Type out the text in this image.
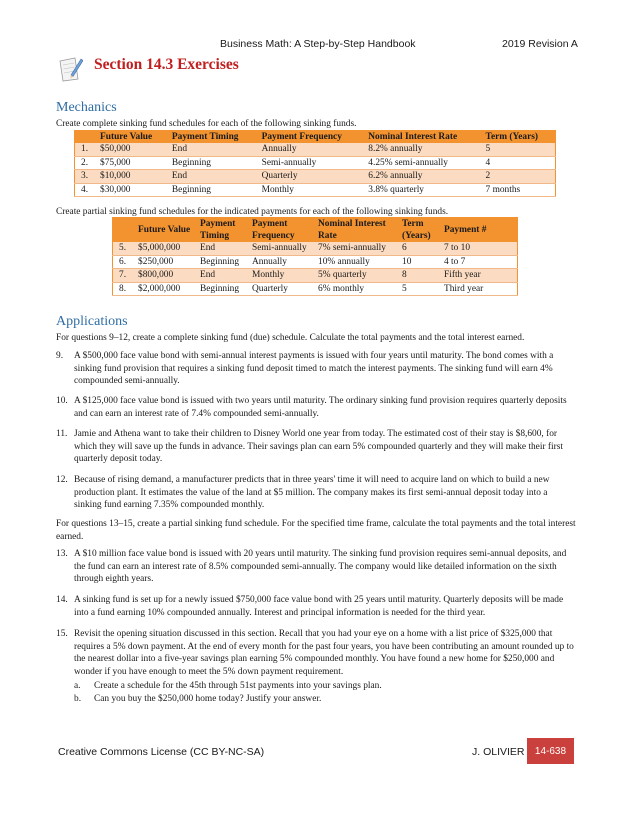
Business Math: A Step-by-Step Handbook	2019 Revision A
Section 14.3 Exercises
Mechanics
Create complete sinking fund schedules for each of the following sinking funds.
	Future Value	Payment Timing	Payment Frequency	Nominal Interest Rate	Term (Years)
1.	$50,000	End	Annually	8.2% annually	5
2.	$75,000	Beginning	Semi-annually	4.25% semi-annually	4
3.	$10,000	End	Quarterly	6.2% annually	2
4.	$30,000	Beginning	Monthly	3.8% quarterly	7 months
Create partial sinking fund schedules for the indicated payments for each of the following sinking funds.
	Future Value	Payment Timing	Payment Frequency	Nominal Interest Rate	Term (Years)	Payment #
5.	$5,000,000	End	Semi-annually	7% semi-annually	6	7 to 10
6.	$250,000	Beginning	Annually	10% annually	10	4 to 7
7.	$800,000	End	Monthly	5% quarterly	8	Fifth year
8.	$2,000,000	Beginning	Quarterly	6% monthly	5	Third year
Applications
For questions 9–12, create a complete sinking fund (due) schedule. Calculate the total payments and the total interest earned.
9. A $500,000 face value bond with semi-annual interest payments is issued with four years until maturity. The bond comes with a sinking fund provision that requires a sinking fund deposit timed to match the interest payments. The sinking fund will earn 4% compounded semi-annually.
10. A $125,000 face value bond is issued with two years until maturity. The ordinary sinking fund provision requires quarterly deposits and can earn an interest rate of 7.4% compounded semi-annually.
11. Jamie and Athena want to take their children to Disney World one year from today. The estimated cost of their stay is $8,600, for which they will save up the funds in advance. Their savings plan can earn 5% compounded quarterly and they will make their first quarterly deposit today.
12. Because of rising demand, a manufacturer predicts that in three years' time it will need to acquire land on which to build a new production plant. It estimates the value of the land at $5 million. The company makes its first semi-annual deposit today into a sinking fund earning 7.35% compounded monthly.
For questions 13–15, create a partial sinking fund schedule. For the specified time frame, calculate the total payments and the total interest earned.
13. A $10 million face value bond is issued with 20 years until maturity. The sinking fund provision requires semi-annual deposits, and the fund can earn an interest rate of 8.5% compounded semi-annually. The company would like detailed information on the sixth through eighth years.
14. A sinking fund is set up for a newly issued $750,000 face value bond with 25 years until maturity. Quarterly deposits will be made into a fund earning 10% compounded annually. Interest and principal information is needed for the third year.
15. Revisit the opening situation discussed in this section. Recall that you had your eye on a home with a list price of $325,000 that requires a 5% down payment. At the end of every month for the past four years, you have been contributing an amount rounded up to the nearest dollar into a five-year savings plan earning 5% compounded monthly. You have found a new home for $250,000 and wonder if you have enough to meet the 5% down payment requirement.
a. Create a schedule for the 45th through 51st payments into your savings plan.
b. Can you buy the $250,000 home today? Justify your answer.
Creative Commons License (CC BY-NC-SA)	J. OLIVIER	14-638
